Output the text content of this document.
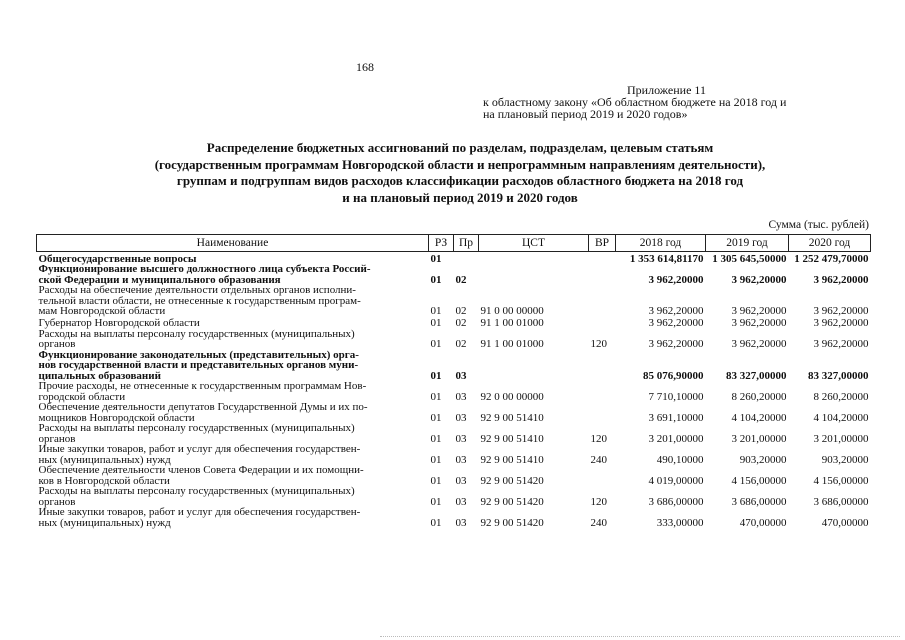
168
Приложение 11
к областному закону «Об областном бюджете на 2018 год и
на плановый период 2019 и 2020 годов»
Распределение бюджетных ассигнований по разделам, подразделам, целевым статьям
(государственным программам Новгородской области и непрограммным направлениям деятельности),
группам и подгруппам видов расходов классификации расходов областного бюджета на 2018 год
и на плановый период 2019 и 2020 годов
Сумма (тыс. рублей)
Наименование	РЗ	Пр	ЦСТ	ВР	2018 год	2019 год	2020 год

Общегосударственные вопросы	01				1 353 614,81170	1 305 645,50000	1 252 479,70000

Функционирование высшего должностного лица субъекта Россий-
ской Федерации и муниципального образования	01	02			3 962,20000	3 962,20000	3 962,20000

Расходы на обеспечение деятельности отдельных органов исполни-
тельной власти области, не отнесенные к государственным програм-
мам Новгородской области	01	02	91 0 00 00000		3 962,20000	3 962,20000	3 962,20000

Губернатор Новгородской области	01	02	91 1 00 01000		3 962,20000	3 962,20000	3 962,20000

Расходы на выплаты персоналу государственных (муниципальных)
органов	01	02	91 1 00 01000	120	3 962,20000	3 962,20000	3 962,20000

Функционирование законодательных (представительных) орга-
нов государственной власти и представительных органов муни-
ципальных образований	01	03			85 076,90000	83 327,00000	83 327,00000

Прочие расходы, не отнесенные к государственным программам Нов-
городской области	01	03	92 0 00 00000		7 710,10000	8 260,20000	8 260,20000

Обеспечение деятельности депутатов Государственной Думы и их по-
мощников Новгородской области	01	03	92 9 00 51410		3 691,10000	4 104,20000	4 104,20000

Расходы на выплаты персоналу государственных (муниципальных)
органов	01	03	92 9 00 51410	120	3 201,00000	3 201,00000	3 201,00000

Иные закупки товаров, работ и услуг для обеспечения государствен-
ных (муниципальных) нужд	01	03	92 9 00 51410	240	490,10000	903,20000	903,20000

Обеспечение деятельности членов Совета Федерации и их помощни-
ков в Новгородской области	01	03	92 9 00 51420		4 019,00000	4 156,00000	4 156,00000

Расходы на выплаты персоналу государственных (муниципальных)
органов	01	03	92 9 00 51420	120	3 686,00000	3 686,00000	3 686,00000

Иные закупки товаров, работ и услуг для обеспечения государствен-
ных (муниципальных) нужд	01	03	92 9 00 51420	240	333,00000	470,00000	470,00000
